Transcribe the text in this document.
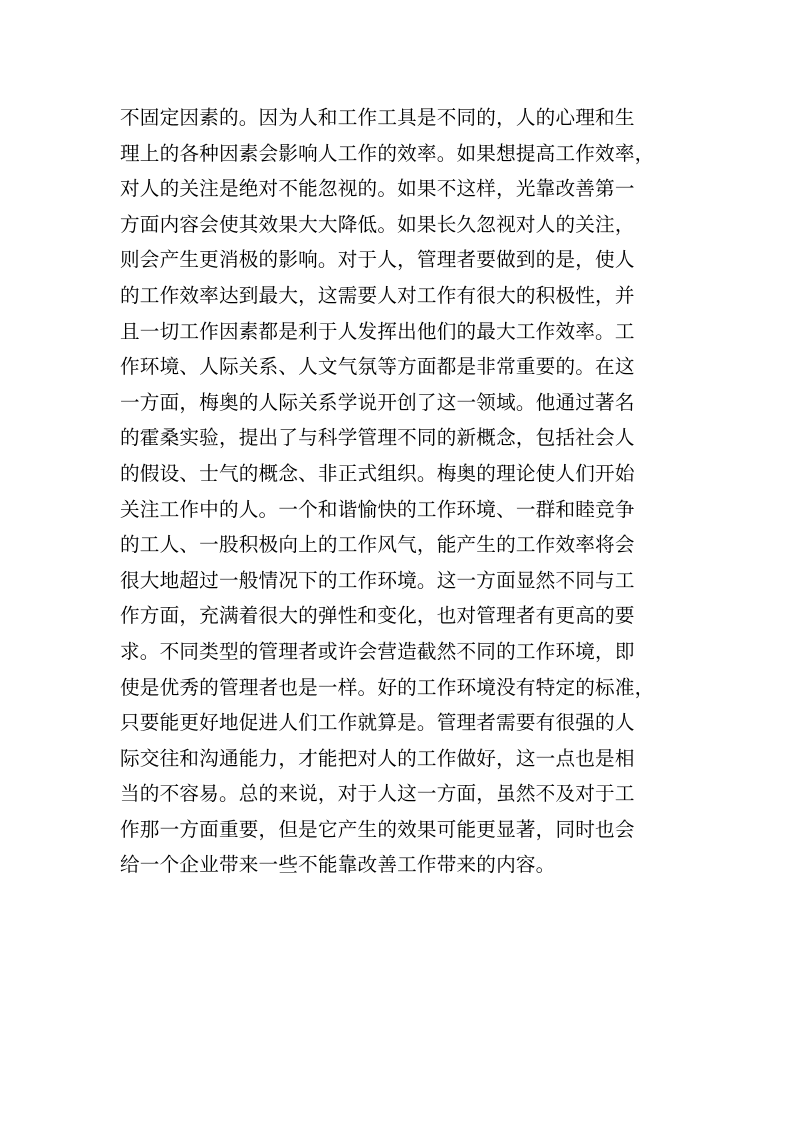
不固定因素的。因为人和工作工具是不同的，人的心理和生
理上的各种因素会影响人工作的效率。如果想提高工作效率，
对人的关注是绝对不能忽视的。如果不这样，光靠改善第一
方面内容会使其效果大大降低。如果长久忽视对人的关注，
则会产生更消极的影响。对于人，管理者要做到的是，使人
的工作效率达到最大，这需要人对工作有很大的积极性，并
且一切工作因素都是利于人发挥出他们的最大工作效率。工
作环境、人际关系、人文气氛等方面都是非常重要的。在这
一方面，梅奥的人际关系学说开创了这一领域。他通过著名
的霍桑实验，提出了与科学管理不同的新概念，包括社会人
的假设、士气的概念、非正式组织。梅奥的理论使人们开始
关注工作中的人。一个和谐愉快的工作环境、一群和睦竞争
的工人、一股积极向上的工作风气，能产生的工作效率将会
很大地超过一般情况下的工作环境。这一方面显然不同与工
作方面，充满着很大的弹性和变化，也对管理者有更高的要
求。不同类型的管理者或许会营造截然不同的工作环境，即
使是优秀的管理者也是一样。好的工作环境没有特定的标准，
只要能更好地促进人们工作就算是。管理者需要有很强的人
际交往和沟通能力，才能把对人的工作做好，这一点也是相
当的不容易。总的来说，对于人这一方面，虽然不及对于工
作那一方面重要，但是它产生的效果可能更显著，同时也会
给一个企业带来一些不能靠改善工作带来的内容。
